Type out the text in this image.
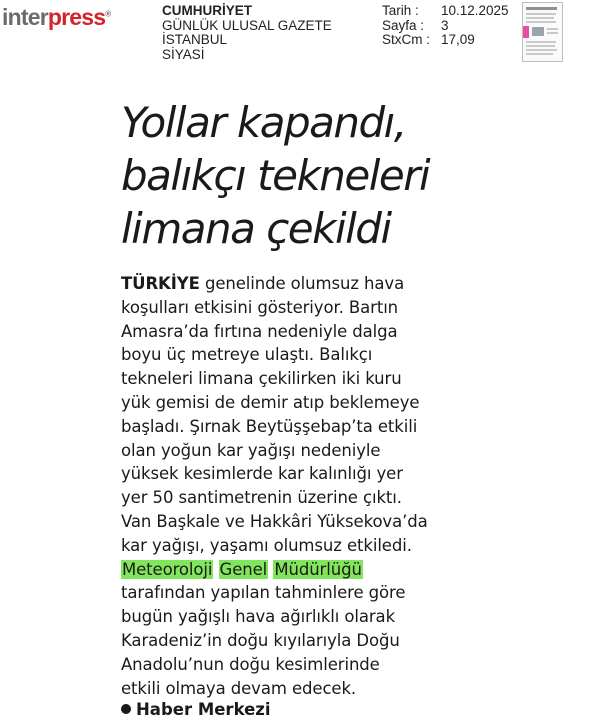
interpress®	CUMHURİYET
GÜNLÜK ULUSAL GAZETE
İSTANBUL
SİYASİ
Tarih :	10.12.2025
Sayfa :	3
StxCm : 17,09
Yollar kapandı,
balıkçı tekneleri
limana çekildi
TÜRKİYE genelinde olumsuz hava
koşulları etkisini gösteriyor. Bartın
Amasra’da fırtına nedeniyle dalga
boyu üç metreye ulaştı. Balıkçı
tekneleri limana çekilirken iki kuru
yük gemisi de demir atıp beklemeye
başladı. Şırnak Beytüşşebap’ta etkili
olan yoğun kar yağışı nedeniyle
yüksek kesimlerde kar kalınlığı yer
yer 50 santimetrenin üzerine çıktı.
Van Başkale ve Hakkâri Yüksekova’da
kar yağışı, yaşamı olumsuz etkiledi.
Meteoroloji Genel Müdürlüğü
tarafından yapılan tahminlere göre
bugün yağışlı hava ağırlıklı olarak
Karadeniz’in doğu kıyılarıyla Doğu
Anadolu’nun doğu kesimlerinde
etkili olmaya devam edecek.
Haber Merkezi
